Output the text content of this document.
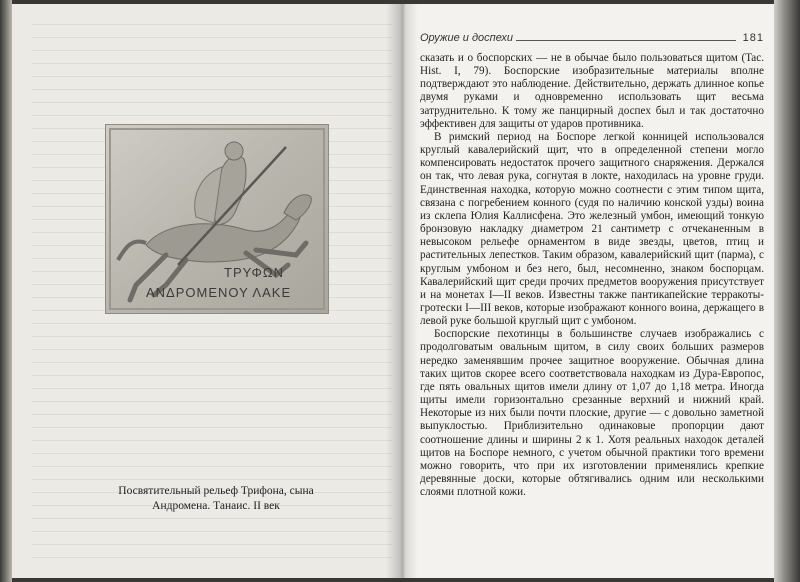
ΤΡΥΦΩΝ
ΑΝΔΡΟΜΕΝΟΥ ΛΑΚΕ
Посвятительный рельеф Трифона, сына Андромена. Танаис. II век
Оружие и доспехи	181

сказать и о боспорских — не в обычае было пользоваться щитом (Tac. Hist. I, 79). Боспорские изобразительные материалы вполне подтверждают это наблюдение. Действительно, держать длинное копье двумя руками и одновременно использовать щит весьма затруднительно. К тому же панцирный доспех был и так достаточно эффективен для защиты от ударов противника.

В римский период на Боспоре легкой конницей использовался круглый кавалерийский щит, что в определенной степени могло компенсировать недостаток прочего защитного снаряжения. Держался он так, что левая рука, согнутая в локте, находилась на уровне груди. Единственная находка, которую можно соотнести с этим типом щита, связана с погребением конного (судя по наличию конской узды) воина из склепа Юлия Каллисфена. Это железный умбон, имеющий тонкую бронзовую накладку диаметром 21 сантиметр с отчеканенным в невысоком рельефе орнаментом в виде звезды, цветов, птиц и растительных лепестков. Таким образом, кавалерийский щит (парма), с круглым умбоном и без него, был, несомненно, знаком боспорцам. Кавалерийский щит среди прочих предметов вооружения присутствует и на монетах I—II веков. Известны также пантикапейские терракоты-гротески I—III веков, которые изображают конного воина, держащего в левой руке большой круглый щит с умбоном.

Боспорские пехотинцы в большинстве случаев изображались с продолговатым овальным щитом, в силу своих больших размеров нередко заменявшим прочее защитное вооружение. Обычная длина таких щитов скорее всего соответствовала находкам из Дура-Европос, где пять овальных щитов имели длину от 1,07 до 1,18 метра. Иногда щиты имели горизонтально срезанные верхний и нижний край. Некоторые из них были почти плоские, другие — с довольно заметной выпуклостью. Приблизительно одинаковые пропорции дают соотношение длины и ширины 2 к 1. Хотя реальных находок деталей щитов на Боспоре немного, с учетом обычной практики того времени можно говорить, что при их изготовлении применялись крепкие деревянные доски, которые обтягивались одним или несколькими слоями плотной кожи.
